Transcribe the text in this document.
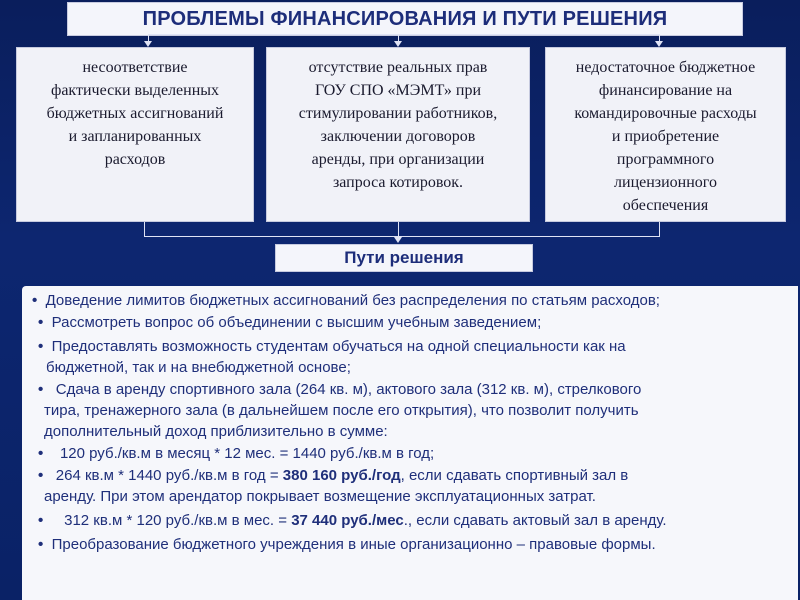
ПРОБЛЕМЫ ФИНАНСИРОВАНИЯ И ПУТИ РЕШЕНИЯ
несоответствие
фактически выделенных
бюджетных ассигнований
и запланированных
расходов
отсутствие реальных прав
ГОУ СПО «МЭМТ» при
стимулировании работников,
заключении договоров
аренды, при организации
запроса котировок.
недостаточное бюджетное
финансирование на
командировочные расходы
и приобретение
программного
лицензионного
обеспечения
Пути решения
• Доведение лимитов бюджетных ассигнований без распределения по статьям расходов;
• Рассмотреть вопрос об объединении с высшим учебным заведением;
• Предоставлять возможность студентам обучаться на одной специальности как на
бюджетной, так и на внебюджетной основе;
• Сдача в аренду спортивного зала (264 кв. м), актового зала (312 кв. м), стрелкового
тира, тренажерного зала (в дальнейшем после его открытия), что позволит получить
дополнительный доход приблизительно в сумме:
• 120 руб./кв.м в месяц * 12 мес. = 1440 руб./кв.м в год;
• 264 кв.м * 1440 руб./кв.м в год = 380 160 руб./год, если сдавать спортивный зал в
аренду. При этом арендатор покрывает возмещение эксплуатационных затрат.
• 312 кв.м * 120 руб./кв.м в мес. = 37 440 руб./мес., если сдавать актовый зал в аренду.
• Преобразование бюджетного учреждения в иные организационно – правовые формы.
